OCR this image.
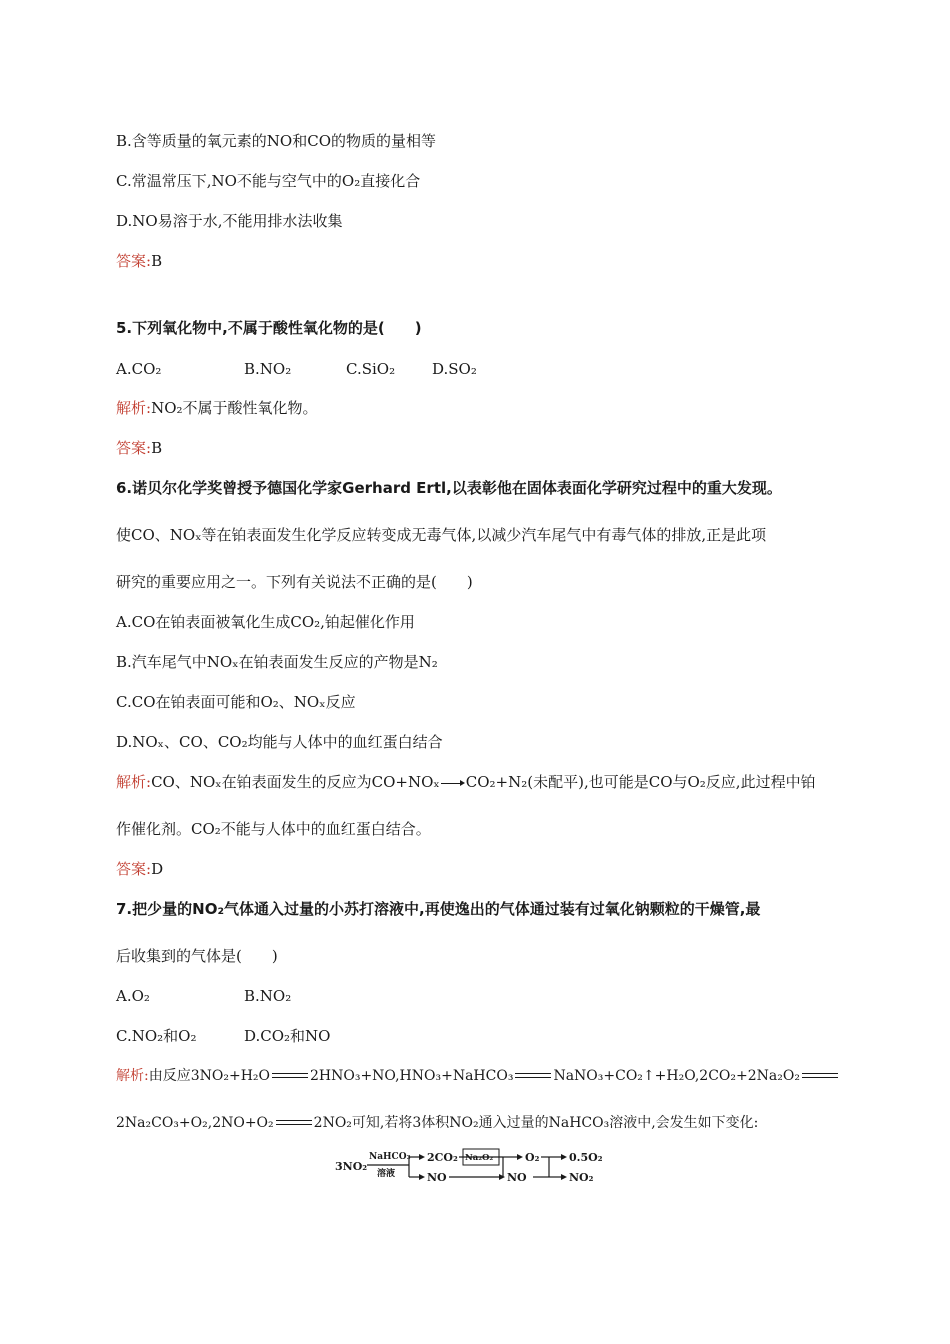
B.含等质量的氧元素的NO和CO的物质的量相等
C.常温常压下,NO不能与空气中的O₂直接化合
D.NO易溶于水,不能用排水法收集
答案:B
5.下列氧化物中,不属于酸性氧化物的是(　　)
A.CO₂	B.NO₂	C.SiO₂ D.SO₂
解析:NO₂不属于酸性氧化物。
答案:B
6.诺贝尔化学奖曾授予德国化学家Gerhard Ertl,以表彰他在固体表面化学研究过程中的重大发现。
使CO、NOₓ等在铂表面发生化学反应转变成无毒气体,以减少汽车尾气中有毒气体的排放,正是此项
研究的重要应用之一。下列有关说法不正确的是(　　)
A.CO在铂表面被氧化生成CO₂,铂起催化作用
B.汽车尾气中NOₓ在铂表面发生反应的产物是N₂
C.CO在铂表面可能和O₂、NOₓ反应
D.NOₓ、CO、CO₂均能与人体中的血红蛋白结合
解析:CO、NOₓ在铂表面发生的反应为CO+NOₓ CO₂+N₂(未配平),也可能是CO与O₂反应,此过程中铂
作催化剂。CO₂不能与人体中的血红蛋白结合。
答案:D
7.把少量的NO₂气体通入过量的小苏打溶液中,再使逸出的气体通过装有过氧化钠颗粒的干燥管,最
后收集到的气体是(　　)
A.O₂	B.NO₂
C.NO₂和O₂	D.CO₂和NO
解析:由反应3NO₂+H₂O	2HNO₃+NO,HNO₃+NaHCO₃	NaNO₃+CO₂↑+H₂O,2CO₂+2Na₂O₂
2Na₂CO₃+O₂,2NO+O₂	2NO₂可知,若将3体积NO₂通入过量的NaHCO₃溶液中,会发生如下变化:
3NO₂
NaHCO₃
溶液
2CO₂
NO
Na₂O₂	O₂
NO
0.5O₂
NO₂
